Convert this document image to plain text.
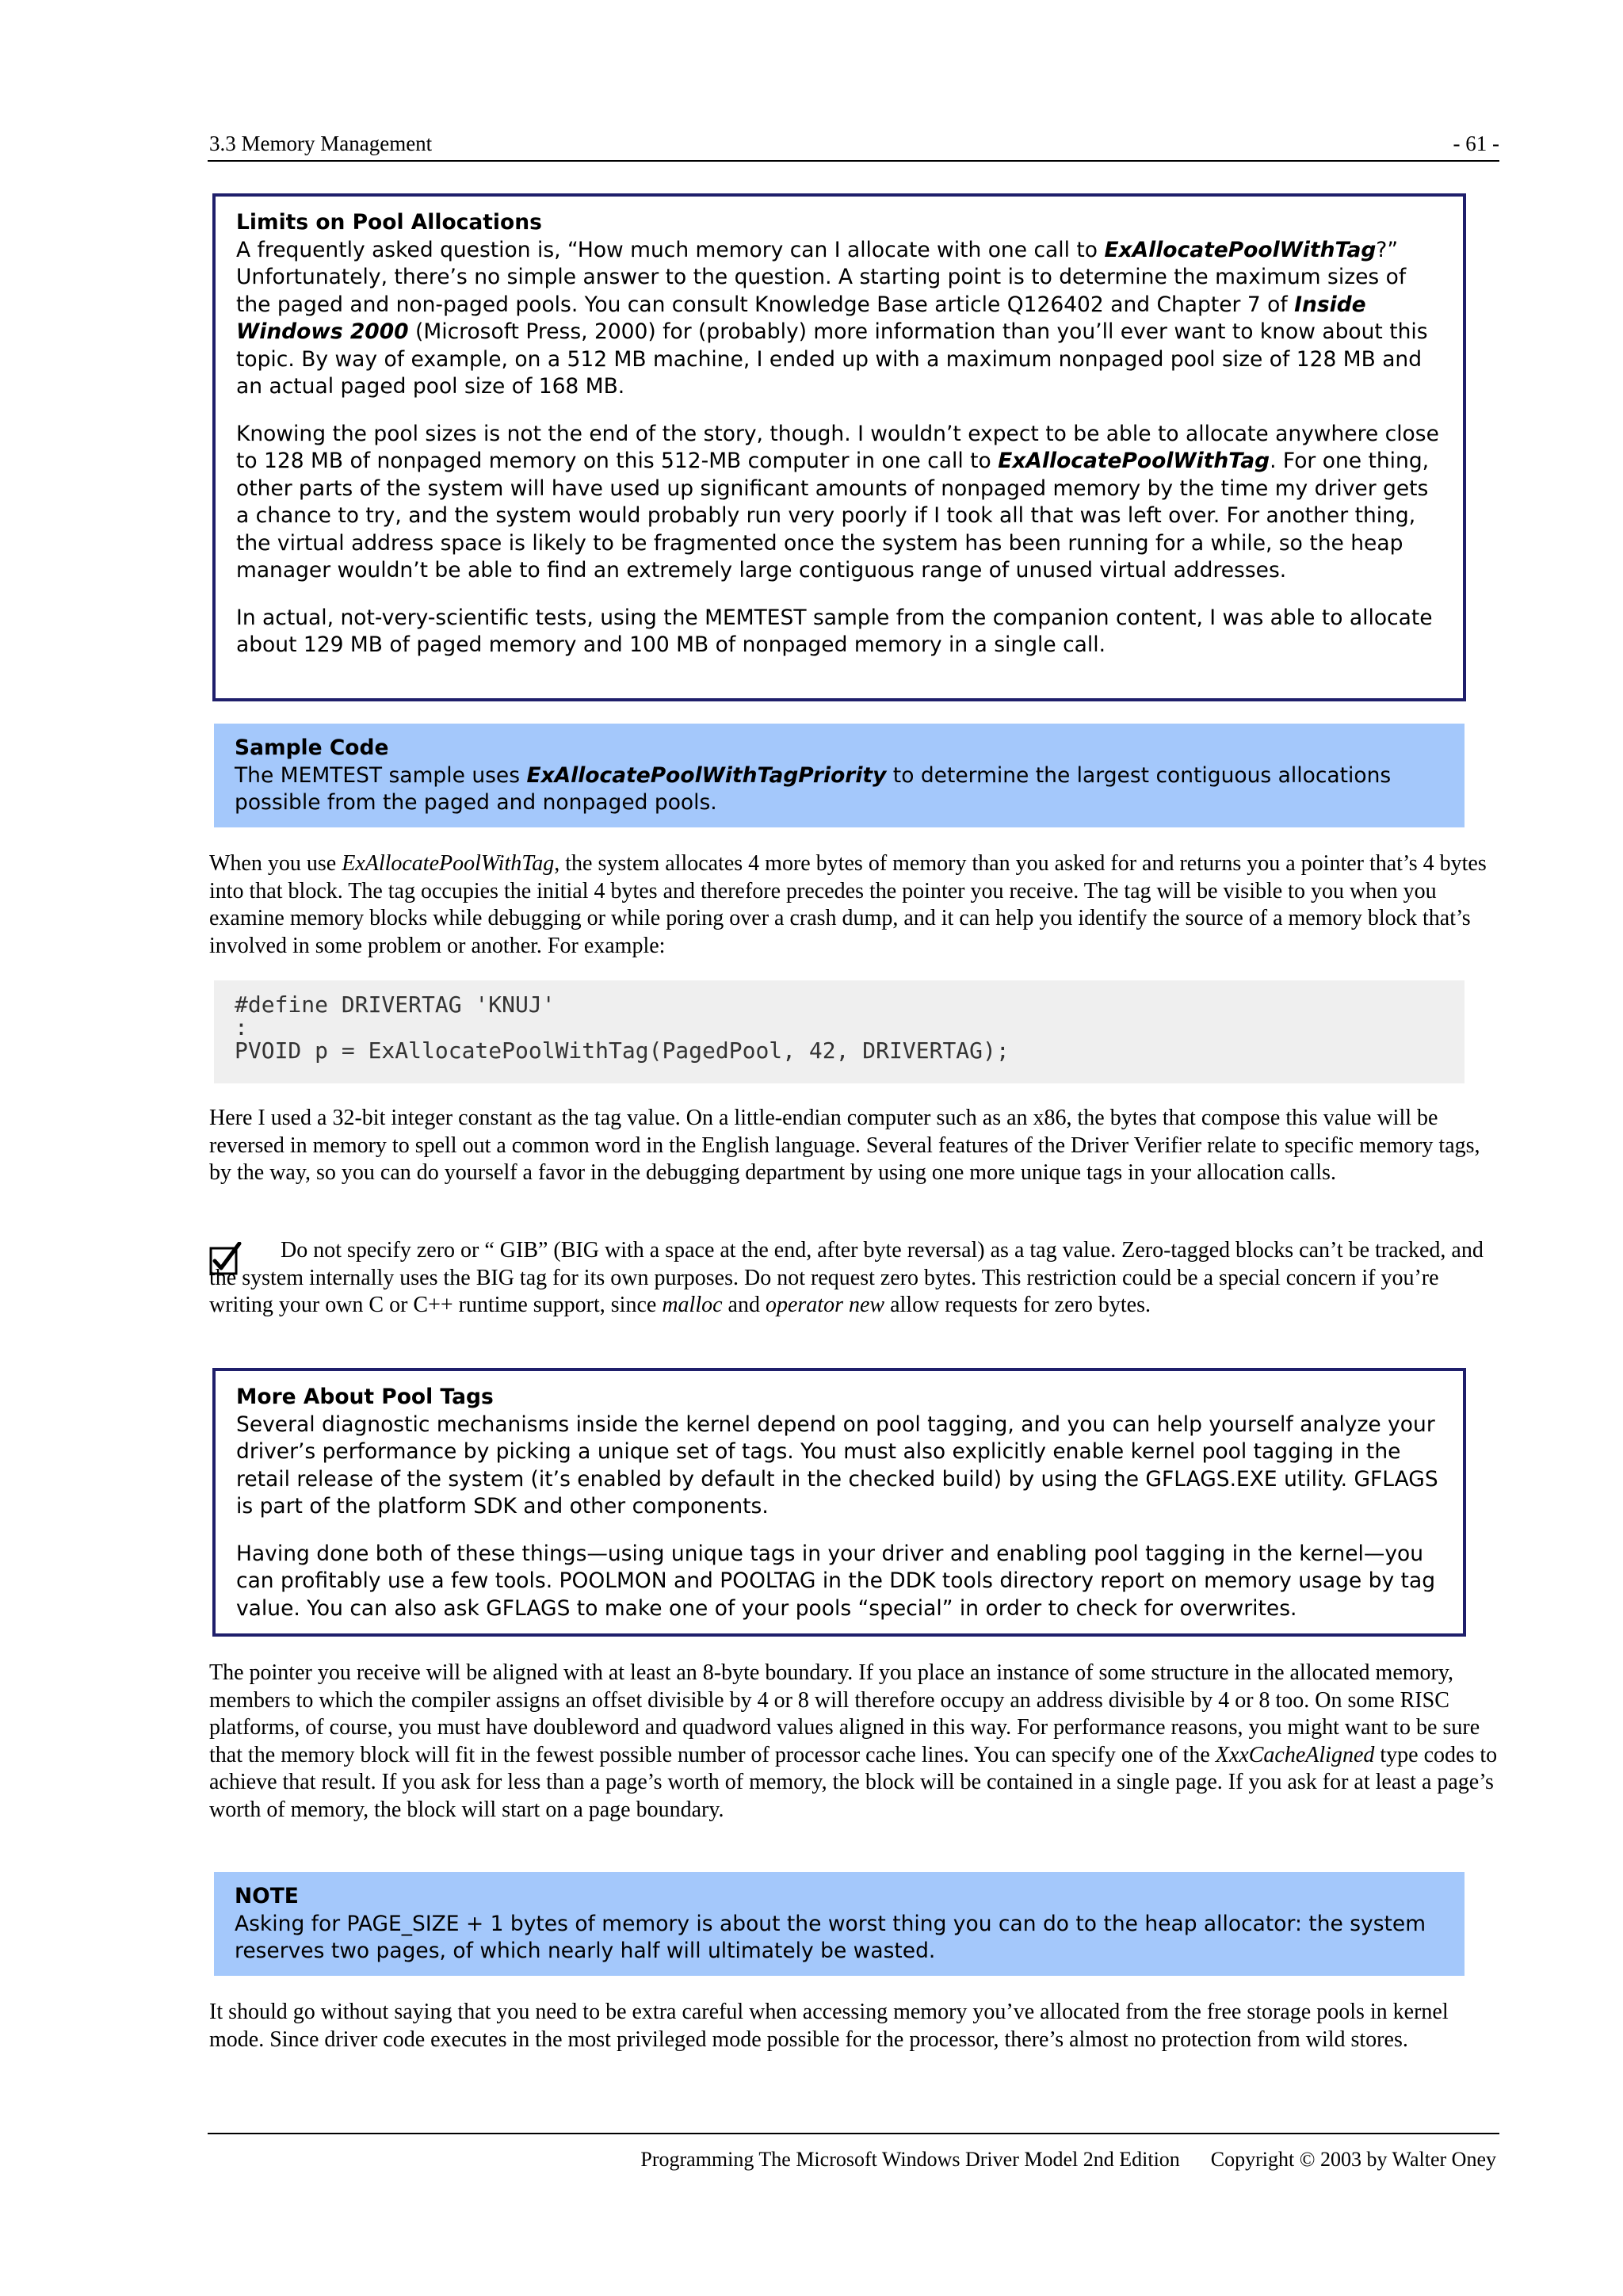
3.3 Memory Management	- 61 -
Limits on Pool Allocations

A frequently asked question is, “How much memory can I allocate with one call to ExAllocatePoolWithTag?” Unfortunately, there’s no simple answer to the question. A starting point is to determine the maximum sizes of the paged and non-paged pools. You can consult Knowledge Base article Q126402 and Chapter 7 of Inside Windows 2000 (Microsoft Press, 2000) for (probably) more information than you’ll ever want to know about this topic. By way of example, on a 512 MB machine, I ended up with a maximum nonpaged pool size of 128 MB and an actual paged pool size of 168 MB.

Knowing the pool sizes is not the end of the story, though. I wouldn’t expect to be able to allocate anywhere close to 128 MB of nonpaged memory on this 512-MB computer in one call to ExAllocatePoolWithTag. For one thing, other parts of the system will have used up significant amounts of nonpaged memory by the time my driver gets a chance to try, and the system would probably run very poorly if I took all that was left over. For another thing, the virtual address space is likely to be fragmented once the system has been running for a while, so the heap manager wouldn’t be able to find an extremely large contiguous range of unused virtual addresses.

In actual, not-very-scientific tests, using the MEMTEST sample from the companion content, I was able to allocate about 129 MB of paged memory and 100 MB of nonpaged memory in a single call.

Sample Code

The MEMTEST sample uses ExAllocatePoolWithTagPriority to determine the largest contiguous allocations possible from the paged and nonpaged pools.

When you use ExAllocatePoolWithTag, the system allocates 4 more bytes of memory than you asked for and returns you a pointer that’s 4 bytes into that block. The tag occupies the initial 4 bytes and therefore precedes the pointer you receive. The tag will be visible to you when you examine memory blocks while debugging or while poring over a crash dump, and it can help you identify the source of a memory block that’s involved in some problem or another. For example:

#define DRIVERTAG 'KNUJ'
:
PVOID p = ExAllocatePoolWithTag(PagedPool, 42, DRIVERTAG);

Here I used a 32-bit integer constant as the tag value. On a little-endian computer such as an x86, the bytes that compose this value will be reversed in memory to spell out a common word in the English language. Several features of the Driver Verifier relate to specific memory tags, by the way, so you can do yourself a favor in the debugging department by using one more unique tags in your allocation calls.

Do not specify zero or “ GIB” (BIG with a space at the end, after byte reversal) as a tag value. Zero-tagged blocks can’t be tracked, and the system internally uses the BIG tag for its own purposes. Do not request zero bytes. This restriction could be a special concern if you’re writing your own C or C++ runtime support, since malloc and operator new allow requests for zero bytes.

More About Pool Tags

Several diagnostic mechanisms inside the kernel depend on pool tagging, and you can help yourself analyze your driver’s performance by picking a unique set of tags. You must also explicitly enable kernel pool tagging in the retail release of the system (it’s enabled by default in the checked build) by using the GFLAGS.EXE utility. GFLAGS is part of the platform SDK and other components.

Having done both of these things—using unique tags in your driver and enabling pool tagging in the kernel—you can profitably use a few tools. POOLMON and POOLTAG in the DDK tools directory report on memory usage by tag value. You can also ask GFLAGS to make one of your pools “special” in order to check for overwrites.

The pointer you receive will be aligned with at least an 8-byte boundary. If you place an instance of some structure in the allocated memory, members to which the compiler assigns an offset divisible by 4 or 8 will therefore occupy an address divisible by 4 or 8 too. On some RISC platforms, of course, you must have doubleword and quadword values aligned in this way. For performance reasons, you might want to be sure that the memory block will fit in the fewest possible number of processor cache lines. You can specify one of the XxxCacheAligned type codes to achieve that result. If you ask for less than a page’s worth of memory, the block will be contained in a single page. If you ask for at least a page’s worth of memory, the block will start on a page boundary.

NOTE

Asking for PAGE_SIZE + 1 bytes of memory is about the worst thing you can do to the heap allocator: the system reserves two pages, of which nearly half will ultimately be wasted.

It should go without saying that you need to be extra careful when accessing memory you’ve allocated from the free storage pools in kernel mode. Since driver code executes in the most privileged mode possible for the processor, there’s almost no protection from wild stores.

Programming The Microsoft Windows Driver Model 2nd Edition Copyright © 2003 by Walter Oney
